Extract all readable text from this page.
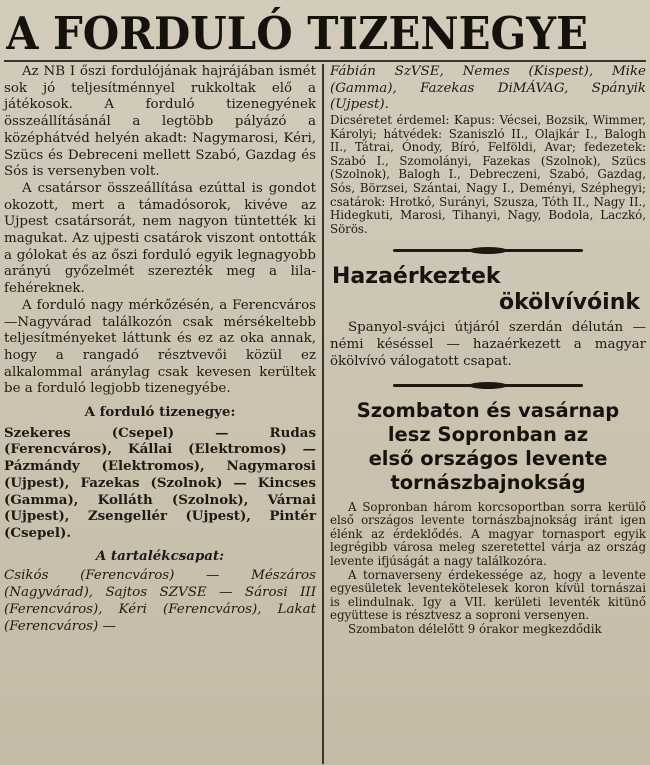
A FORDULÓ TIZENEGYE

Az NB I őszi fordulójának hajrájában ismét sok jó teljesítménnyel rukkoltak elő a játékosok. A forduló tizenegyének összeállításánál a legtöbb pályázó a középhátvéd helyén akadt: Nagymarosi, Kéri, Szücs és Debreceni mellett Szabó, Gazdag és Sós is versenyben volt.

A csatársor összeállítása ezúttal is gondot okozott, mert a támadósorok, kivéve az Ujpest csatársorát, nem nagyon tüntették ki magukat. Az ujpesti csatárok viszont ontották a gólokat és az őszi forduló egyik legnagyobb arányú győzelmét szerezték meg a lila-fehéreknek.

A forduló nagy mérkőzésén, a Ferencváros—Nagyvárad találkozón csak mérsékeltebb teljesítményeket láttunk és ez az oka annak, hogy a rangadó résztvevői közül ez alkalommal aránylag csak kevesen kerültek be a forduló legjobb tizenegyébe.

A forduló tizenegye:

Szekeres (Csepel) — Rudas (Ferencváros), Kállai (Elektromos) — Pázmándy (Elektromos), Nagymarosi (Ujpest), Fazekas (Szolnok) — Kincses (Gamma), Kolláth (Szolnok), Várnai (Ujpest), Zsengellér (Ujpest), Pintér (Csepel).

A tartalékcsapat:

Csikós (Ferencváros) — Mészáros (Nagyvárad), Sajtos SZVSE — Sárosi III (Ferencváros), Kéri (Ferencváros), Lakat (Ferencváros) —

Fábián SzVSE, Nemes (Kispest), Mike (Gamma), Fazekas DiMÁVAG, Spányik (Ujpest).

Dicséretet érdemel: Kapus: Vécsei, Bozsik, Wimmer, Károlyi; hátvédek: Szaniszló II., Olajkár I., Balogh II., Tátrai, Ónody, Bíró, Felföldi, Avar; fedezetek: Szabó I., Szomolányi, Fazekas (Szolnok), Szücs (Szolnok), Balogh I., Debreczeni, Szabó, Gazdag, Sós, Börzsei, Szántai, Nagy I., Deményi, Széphegyi; csatárok: Hrotkó, Surányi, Szusza, Tóth II., Nagy II., Hidegkuti, Marosi, Tihanyi, Nagy, Bodola, Laczkó, Sörös.

Hazaérkeztek
ökölvívóink

Spanyol-svájci útjáról szerdán délután — némi késéssel — hazaérkezett a magyar ökölvívó válogatott csapat.

Szombaton és vasárnap
lesz Sopronban az
első országos levente
tornászbajnokság

A Sopronban három korcsoportban sorra kerülő első országos levente tornászbajnokság iránt igen élénk az érdeklődés. A magyar tornasport egyik legrégibb városa meleg szeretettel várja az ország levente ifjúságát a nagy találkozóra.

A tornaverseny érdekessége az, hogy a levente egyesületek leventekötelesek koron kívül tornászai is elindulnak. Igy a VII. kerületi leventék kitünő együttese is résztvesz a soproni versenyen.

Szombaton délelőtt 9 órakor megkezdődik
